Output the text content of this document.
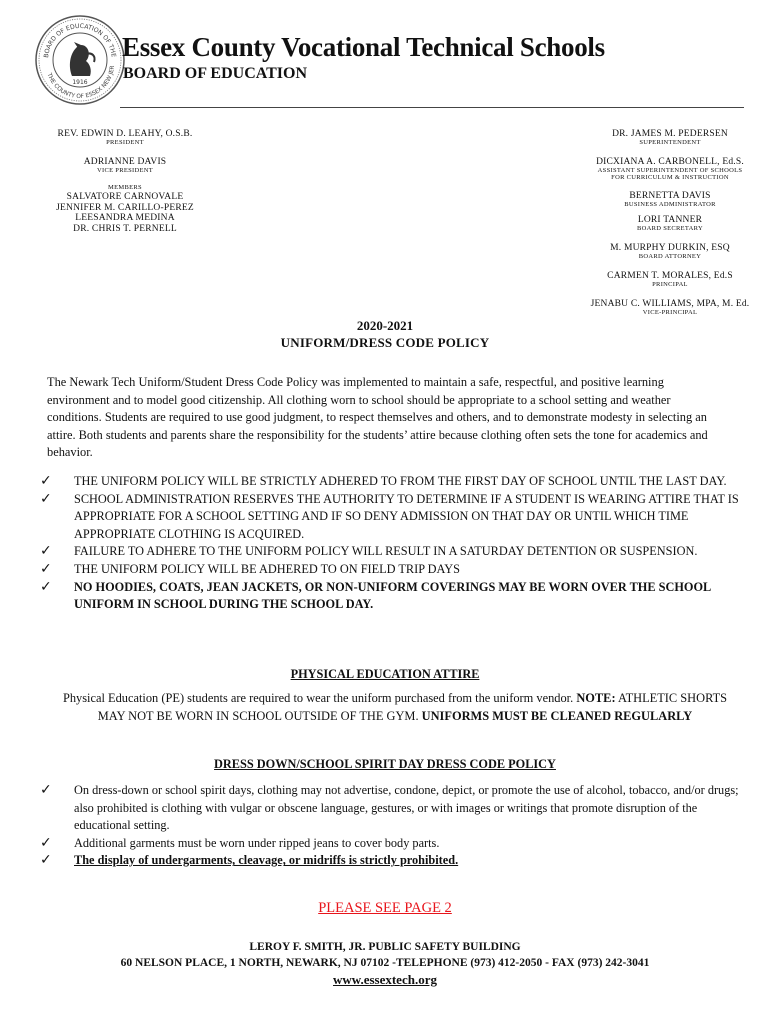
BOARD OF EDUCATION OF THE
THE COUNTY OF ESSEX NEW JER
1916
Essex County Vocational Technical Schools
BOARD OF EDUCATION
REV. EDWIN D. LEAHY, O.S.B.
PRESIDENT
ADRIANNE DAVIS
VICE PRESIDENT
MEMBERS
SALVATORE CARNOVALE
JENNIFER M. CARILLO-PEREZ
LEESANDRA MEDINA
DR. CHRIS T. PERNELL
DR. JAMES M. PEDERSEN
SUPERINTENDENT
DICXIANA A. CARBONELL, Ed.S.
ASSISTANT SUPERINTENDENT OF SCHOOLS
FOR CURRICULUM & INSTRUCTION
BERNETTA DAVIS
BUSINESS ADMINISTRATOR
LORI TANNER
BOARD SECRETARY
M. MURPHY DURKIN, ESQ
BOARD ATTORNEY
CARMEN T. MORALES, Ed.S
PRINCIPAL
JENABU C. WILLIAMS, MPA, M. Ed.
VICE-PRINCIPAL
2020-2021
UNIFORM/DRESS CODE POLICY
The Newark Tech Uniform/Student Dress Code Policy was implemented to maintain a safe, respectful, and positive learning environment and to model good citizenship. All clothing worn to school should be appropriate to a school setting and weather conditions. Students are required to use good judgment, to respect themselves and others, and to demonstrate modesty in selecting an attire. Both students and parents share the responsibility for the students’ attire because clothing often sets the tone for academics and behavior.
✓ THE UNIFORM POLICY WILL BE STRICTLY ADHERED TO FROM THE FIRST DAY OF SCHOOL UNTIL THE LAST DAY.
✓ SCHOOL ADMINISTRATION RESERVES THE AUTHORITY TO DETERMINE IF A STUDENT IS WEARING ATTIRE THAT IS APPROPRIATE FOR A SCHOOL SETTING AND IF SO DENY ADMISSION ON THAT DAY OR UNTIL WHICH TIME APPROPRIATE CLOTHING IS ACQUIRED.
✓ FAILURE TO ADHERE TO THE UNIFORM POLICY WILL RESULT IN A SATURDAY DETENTION OR SUSPENSION.
✓ THE UNIFORM POLICY WILL BE ADHERED TO ON FIELD TRIP DAYS
✓ NO HOODIES, COATS, JEAN JACKETS, OR NON-UNIFORM COVERINGS MAY BE WORN OVER THE SCHOOL UNIFORM IN SCHOOL DURING THE SCHOOL DAY.
PHYSICAL EDUCATION ATTIRE
Physical Education (PE) students are required to wear the uniform purchased from the uniform vendor. NOTE: ATHLETIC SHORTS MAY NOT BE WORN IN SCHOOL OUTSIDE OF THE GYM. UNIFORMS MUST BE CLEANED REGULARLY
DRESS DOWN/SCHOOL SPIRIT DAY DRESS CODE POLICY
✓ On dress-down or school spirit days, clothing may not advertise, condone, depict, or promote the use of alcohol, tobacco, and/or drugs; also prohibited is clothing with vulgar or obscene language, gestures, or with images or writings that promote disruption of the educational setting.
✓ Additional garments must be worn under ripped jeans to cover body parts.
✓ The display of undergarments, cleavage, or midriffs is strictly prohibited.
PLEASE SEE PAGE 2
LEROY F. SMITH, JR. PUBLIC SAFETY BUILDING
60 NELSON PLACE, 1 NORTH, NEWARK, NJ 07102 -TELEPHONE (973) 412-2050 - FAX (973) 242-3041
www.essextech.org
